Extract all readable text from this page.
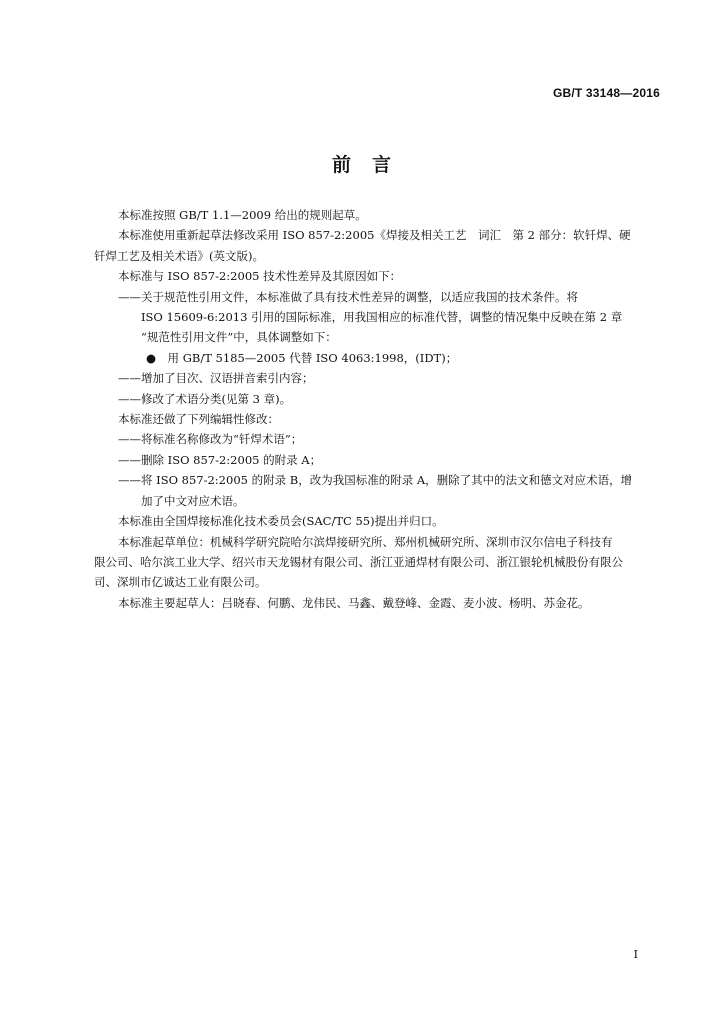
GB/T 33148—2016
前　言

本标准按照 GB/T 1.1—2009 给出的规则起草。

本标准使用重新起草法修改采用 ISO 857-2:2005《焊接及相关工艺　词汇　第 2 部分：软钎焊、硬

钎焊工艺及相关术语》(英文版)。

本标准与 ISO 857-2:2005 技术性差异及其原因如下：

——关于规范性引用文件，本标准做了具有技术性差异的调整，以适应我国的技术条件。将

ISO 15609-6:2013 引用的国际标准，用我国相应的标准代替，调整的情况集中反映在第 2 章

“规范性引用文件”中，具体调整如下：

●　用 GB/T 5185—2005 代替 ISO 4063:1998，(IDT)；

——增加了目次、汉语拼音索引内容；

——修改了术语分类(见第 3 章)。

本标准还做了下列编辑性修改：

——将标准名称修改为“钎焊术语”；

——删除 ISO 857-2:2005 的附录 A；

——将 ISO 857-2:2005 的附录 B，改为我国标准的附录 A，删除了其中的法文和德文对应术语，增

加了中文对应术语。

本标准由全国焊接标准化技术委员会(SAC/TC 55)提出并归口。

本标准起草单位：机械科学研究院哈尔滨焊接研究所、郑州机械研究所、深圳市汉尔信电子科技有

限公司、哈尔滨工业大学、绍兴市天龙锡材有限公司、浙江亚通焊材有限公司、浙江银轮机械股份有限公

司、深圳市亿诚达工业有限公司。

本标准主要起草人：吕晓春、何鹏、龙伟民、马鑫、戴登峰、金霞、麦小波、杨明、苏金花。

I
